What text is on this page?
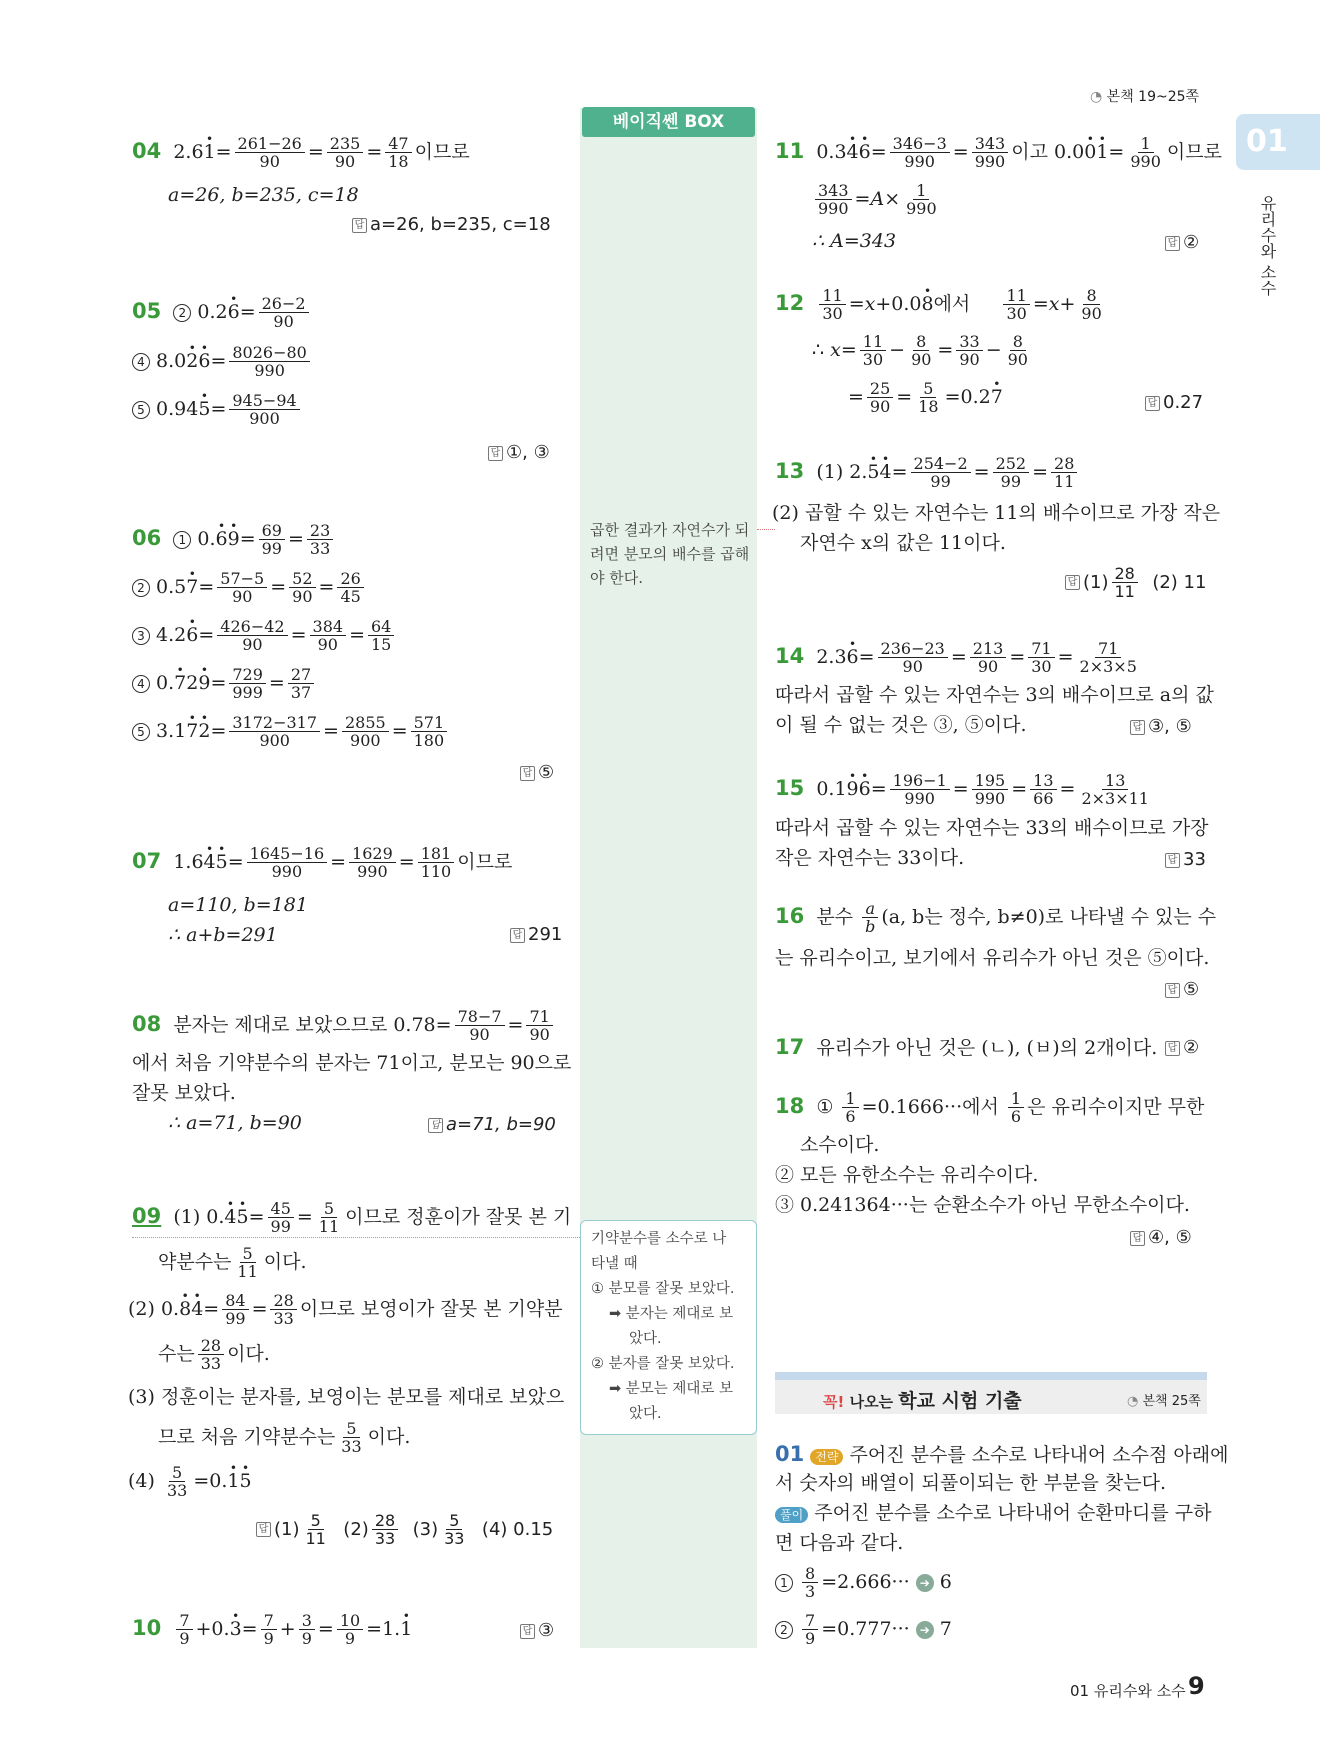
◔ 본책 19~25쪽
01
유리수와 소수
베이직쎈 BOX
곱한 결과가 자연수가 되려면 분모의 배수를 곱해야 한다.
기약분수를 소수로 나
타낼 때
① 분모를 잘못 보았다.
➡ 분자는 제대로 보
았다.
② 분자를 잘못 보았다.
➡ 분모는 제대로 보
았다.
04  $2.6\cdot 1= \frac{261-26}{90} = \frac{235}{90} = \frac{47}{18}$ 이므로
a=26, b=235, c=18
답 a=26, b=235, c=18
05 2 $0.2\cdot 6= \frac{26-2}{90}$
4 $8.0\cdot 2\cdot 6= \frac{8026-80}{990}$
5 $0.94\cdot 5= \frac{945-94}{900}$
답 ①, ③
06 1 $0.\cdot 6\cdot 9= \frac{69}{99} = \frac{23}{33}$
2 $0.5\cdot 7= \frac{57-5}{90} = \frac{52}{90} = \frac{26}{45}$
3 $4.2\cdot 6= \frac{426-42}{90} = \frac{384}{90} = \frac{64}{15}$
4 $0.\cdot 72\cdot 9= \frac{729}{999} = \frac{27}{37}$
5 $3.1\cdot 7\cdot 2= \frac{3172-317}{900} = \frac{2855}{900} = \frac{571}{180}$
답 ⑤
07  $1.6\cdot 4\cdot 5= \frac{1645-16}{990} = \frac{1629}{990} = \frac{181}{110}$ 이므로
a=110, b=181
∴ a+b=291	답 291
08 분자는 제대로 보았으므로 $0.78= \frac{78-7}{90} = \frac{71}{90}$
에서 처음 기약분수의 분자는 71이고, 분모는 90으로
잘못 보았다.
∴ a=71, b=90	답 a=71, b=90
09  (1) $0.\cdot 4\cdot 5= \frac{45}{99} = \frac{5}{11}$ 이므로 정훈이가 잘못 본 기
약분수는 $\frac{5}{11}$ 이다.
(2) $0.\cdot 8\cdot 4= \frac{84}{99} = \frac{28}{33}$ 이므로 보영이가 잘못 본 기약분
수는 $\frac{28}{33}$ 이다.
(3) 정훈이는 분자를, 보영이는 분모를 제대로 보았으
므로 처음 기약분수는 $\frac{5}{33}$ 이다.
$(4) \frac{5}{33} =0.\cdot 1\cdot 5$
답 $(1) \frac{5}{11} (2) \frac{28}{33} (3) \frac{5}{33} (4)$ 0.15
$10 \frac{7}{9} +0.\cdot 3= \frac{7}{9} + \frac{3}{9} = \frac{10}{9} =1.\cdot 1$	답 ③
11  $0.3\cdot 4\cdot 6= \frac{346-3}{990} = \frac{343}{990}$ 이고 $0.0\cdot 0\cdot 1= \frac{1}{990}$ 이므로
$\frac{343}{990} =A\times \frac{1}{990}$
∴ A=343	답 ②
$12 \frac{11}{30} =x+0.0\cdot 8$에서 $\frac{11}{30} =x+ \frac{8}{90}$
∴ $x= \frac{11}{30} - \frac{8}{90} = \frac{33}{90} - \frac{8}{90}$
= $\frac{25}{90} = \frac{5}{18} =0.2\cdot 7$	답 0.27
13  (1) $2.\cdot 5\cdot 4= \frac{254-2}{99} = \frac{252}{99} = \frac{28}{11}$
(2) 곱할 수 있는 자연수는 11의 배수이므로 가장 작은
자연수 x의 값은 11이다.
답 $(1) \frac{28}{11} (2)$ 11
14  $2.3\cdot 6= \frac{236-23}{90} = \frac{213}{90} = \frac{71}{30} = \frac{71}{2\times 3\times 5}$
따라서 곱할 수 있는 자연수는 3의 배수이므로 a의 값
이 될 수 없는 것은 ③, ⑤이다.	답 ③, ⑤
15  $0.1\cdot 9\cdot 6= \frac{196-1}{990} = \frac{195}{990} = \frac{13}{66} = \frac{13}{2\times 3\times 11}$
따라서 곱할 수 있는 자연수는 33의 배수이므로 가장
작은 자연수는 33이다.	답 33
16 분수 $\frac{a}{b} (a$, b는 정수, b≠0)로 나타낼 수 있는 수
는 유리수이고, 보기에서 유리수가 아닌 것은 ⑤이다.
답 ⑤
17 유리수가 아닌 것은 (ㄴ), (ㅂ)의 2개이다. 답 ②
18 ① $\frac{1}{6} =0.1666\cdot\cdot\cdot$에서 $\frac{1}{6}$ 은 유리수이지만 무한
소수이다.
② 모든 유한소수는 유리수이다.
③ 0.241364···는 순환소수가 아닌 무한소수이다.
답 ④, ⑤
꼭! 나오는 학교 시험 기출	◔ 본책 25쪽
01 전략 주어진 분수를 소수로 나타내어 소수점 아래에
서 숫자의 배열이 되풀이되는 한 부분을 찾는다.
풀이 주어진 분수를 소수로 나타내어 순환마디를 구하
면 다음과 같다.
$1 \frac{8}{3} =2.666\cdot\cdot\cdot$ ➔ 6
$2 \frac{7}{9} =0.777\cdot\cdot\cdot$ ➔ 7
01 유리수와 소수 9
